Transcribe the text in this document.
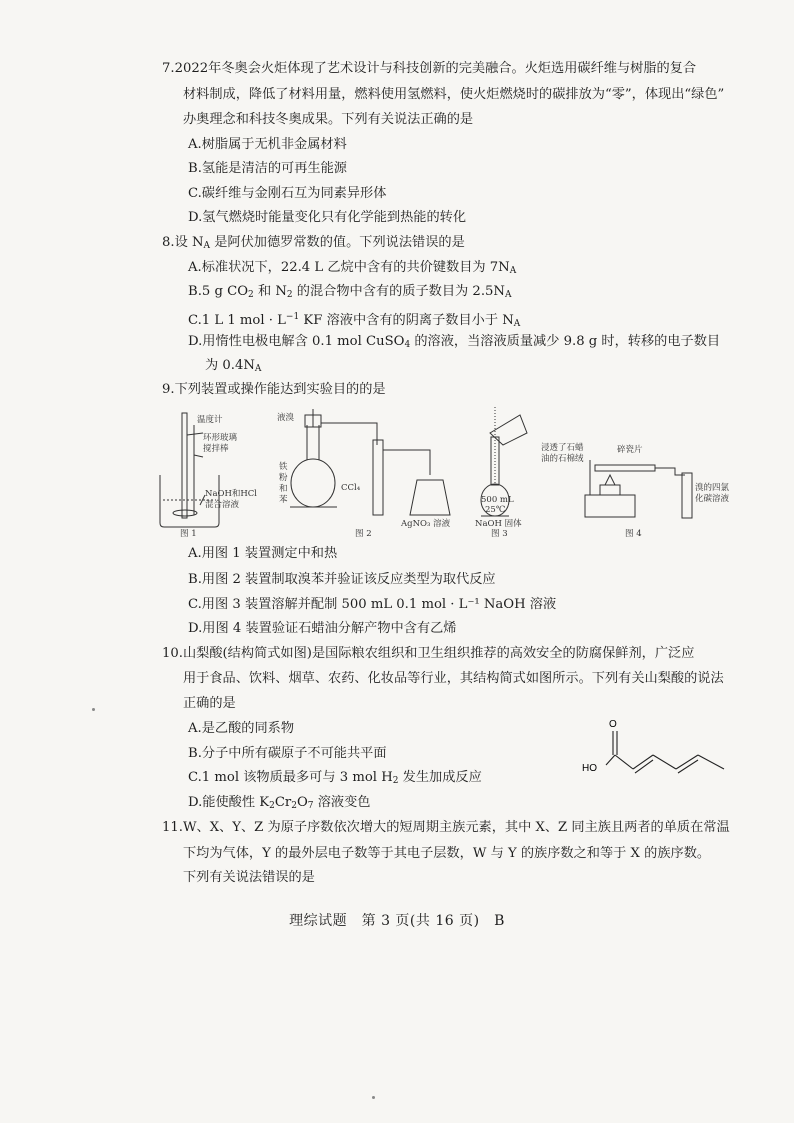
7.2022年冬奥会火炬体现了艺术设计与科技创新的完美融合。火炬选用碳纤维与树脂的复合
材料制成，降低了材料用量，燃料使用氢燃料，使火炬燃烧时的碳排放为“零”，体现出“绿色”
办奥理念和科技冬奥成果。下列有关说法正确的是
A.树脂属于无机非金属材料
B.氢能是清洁的可再生能源
C.碳纤维与金刚石互为同素异形体
D.氢气燃烧时能量变化只有化学能到热能的转化
8.设 $N_A$ 是阿伏加德罗常数的值。下列说法错误的是
A.标准状况下，22.4 L 乙烷中含有的共价键数目为 $7N_A$
B.5 g $CO_2$ 和 $N_2$ 的混合物中含有的质子数目为 $2.5N_A$
C.1 L 1 mol · $L^{-1}$ KF 溶液中含有的阴离子数目小于 $N_A$
D.用惰性电极电解含 0.1 mol CuSO$_4$ 的溶液，当溶液质量减少 9.8 g 时，转移的电子数目
为 $0.4N_A$
9.下列装置或操作能达到实验目的的是
温度计
环形玻璃
搅拌棒
NaOH和HCl
混合溶液
图 1
液溴
铁
粉
和
苯
CCl₄
AgNO₃ 溶液
图 2
500 mL
25℃
NaOH 固体
图 3
浸透了石蜡
油的石棉绒
碎瓷片
溴的四氯
化碳溶液
图 4
A.用图 1 装置测定中和热
B.用图 2 装置制取溴苯并验证该反应类型为取代反应
C.用图 3 装置溶解并配制 500 mL 0.1 mol · L⁻¹ NaOH 溶液
D.用图 4 装置验证石蜡油分解产物中含有乙烯
10.山梨酸(结构简式如图)是国际粮农组织和卫生组织推荐的高效安全的防腐保鲜剂，广泛应
用于食品、饮料、烟草、农药、化妆品等行业，其结构简式如图所示。下列有关山梨酸的说法
正确的是
A.是乙酸的同系物
B.分子中所有碳原子不可能共平面
C.1 mol 该物质最多可与 3 mol $H_2$ 发生加成反应
D.能使酸性 $K_2Cr_2O_7$ 溶液变色
O
HO
11.W、X、Y、Z 为原子序数依次增大的短周期主族元素，其中 X、Z 同主族且两者的单质在常温
下均为气体，Y 的最外层电子数等于其电子层数，W 与 Y 的族序数之和等于 X 的族序数。
下列有关说法错误的是
理综试题　第 3 页(共 16 页)　B
